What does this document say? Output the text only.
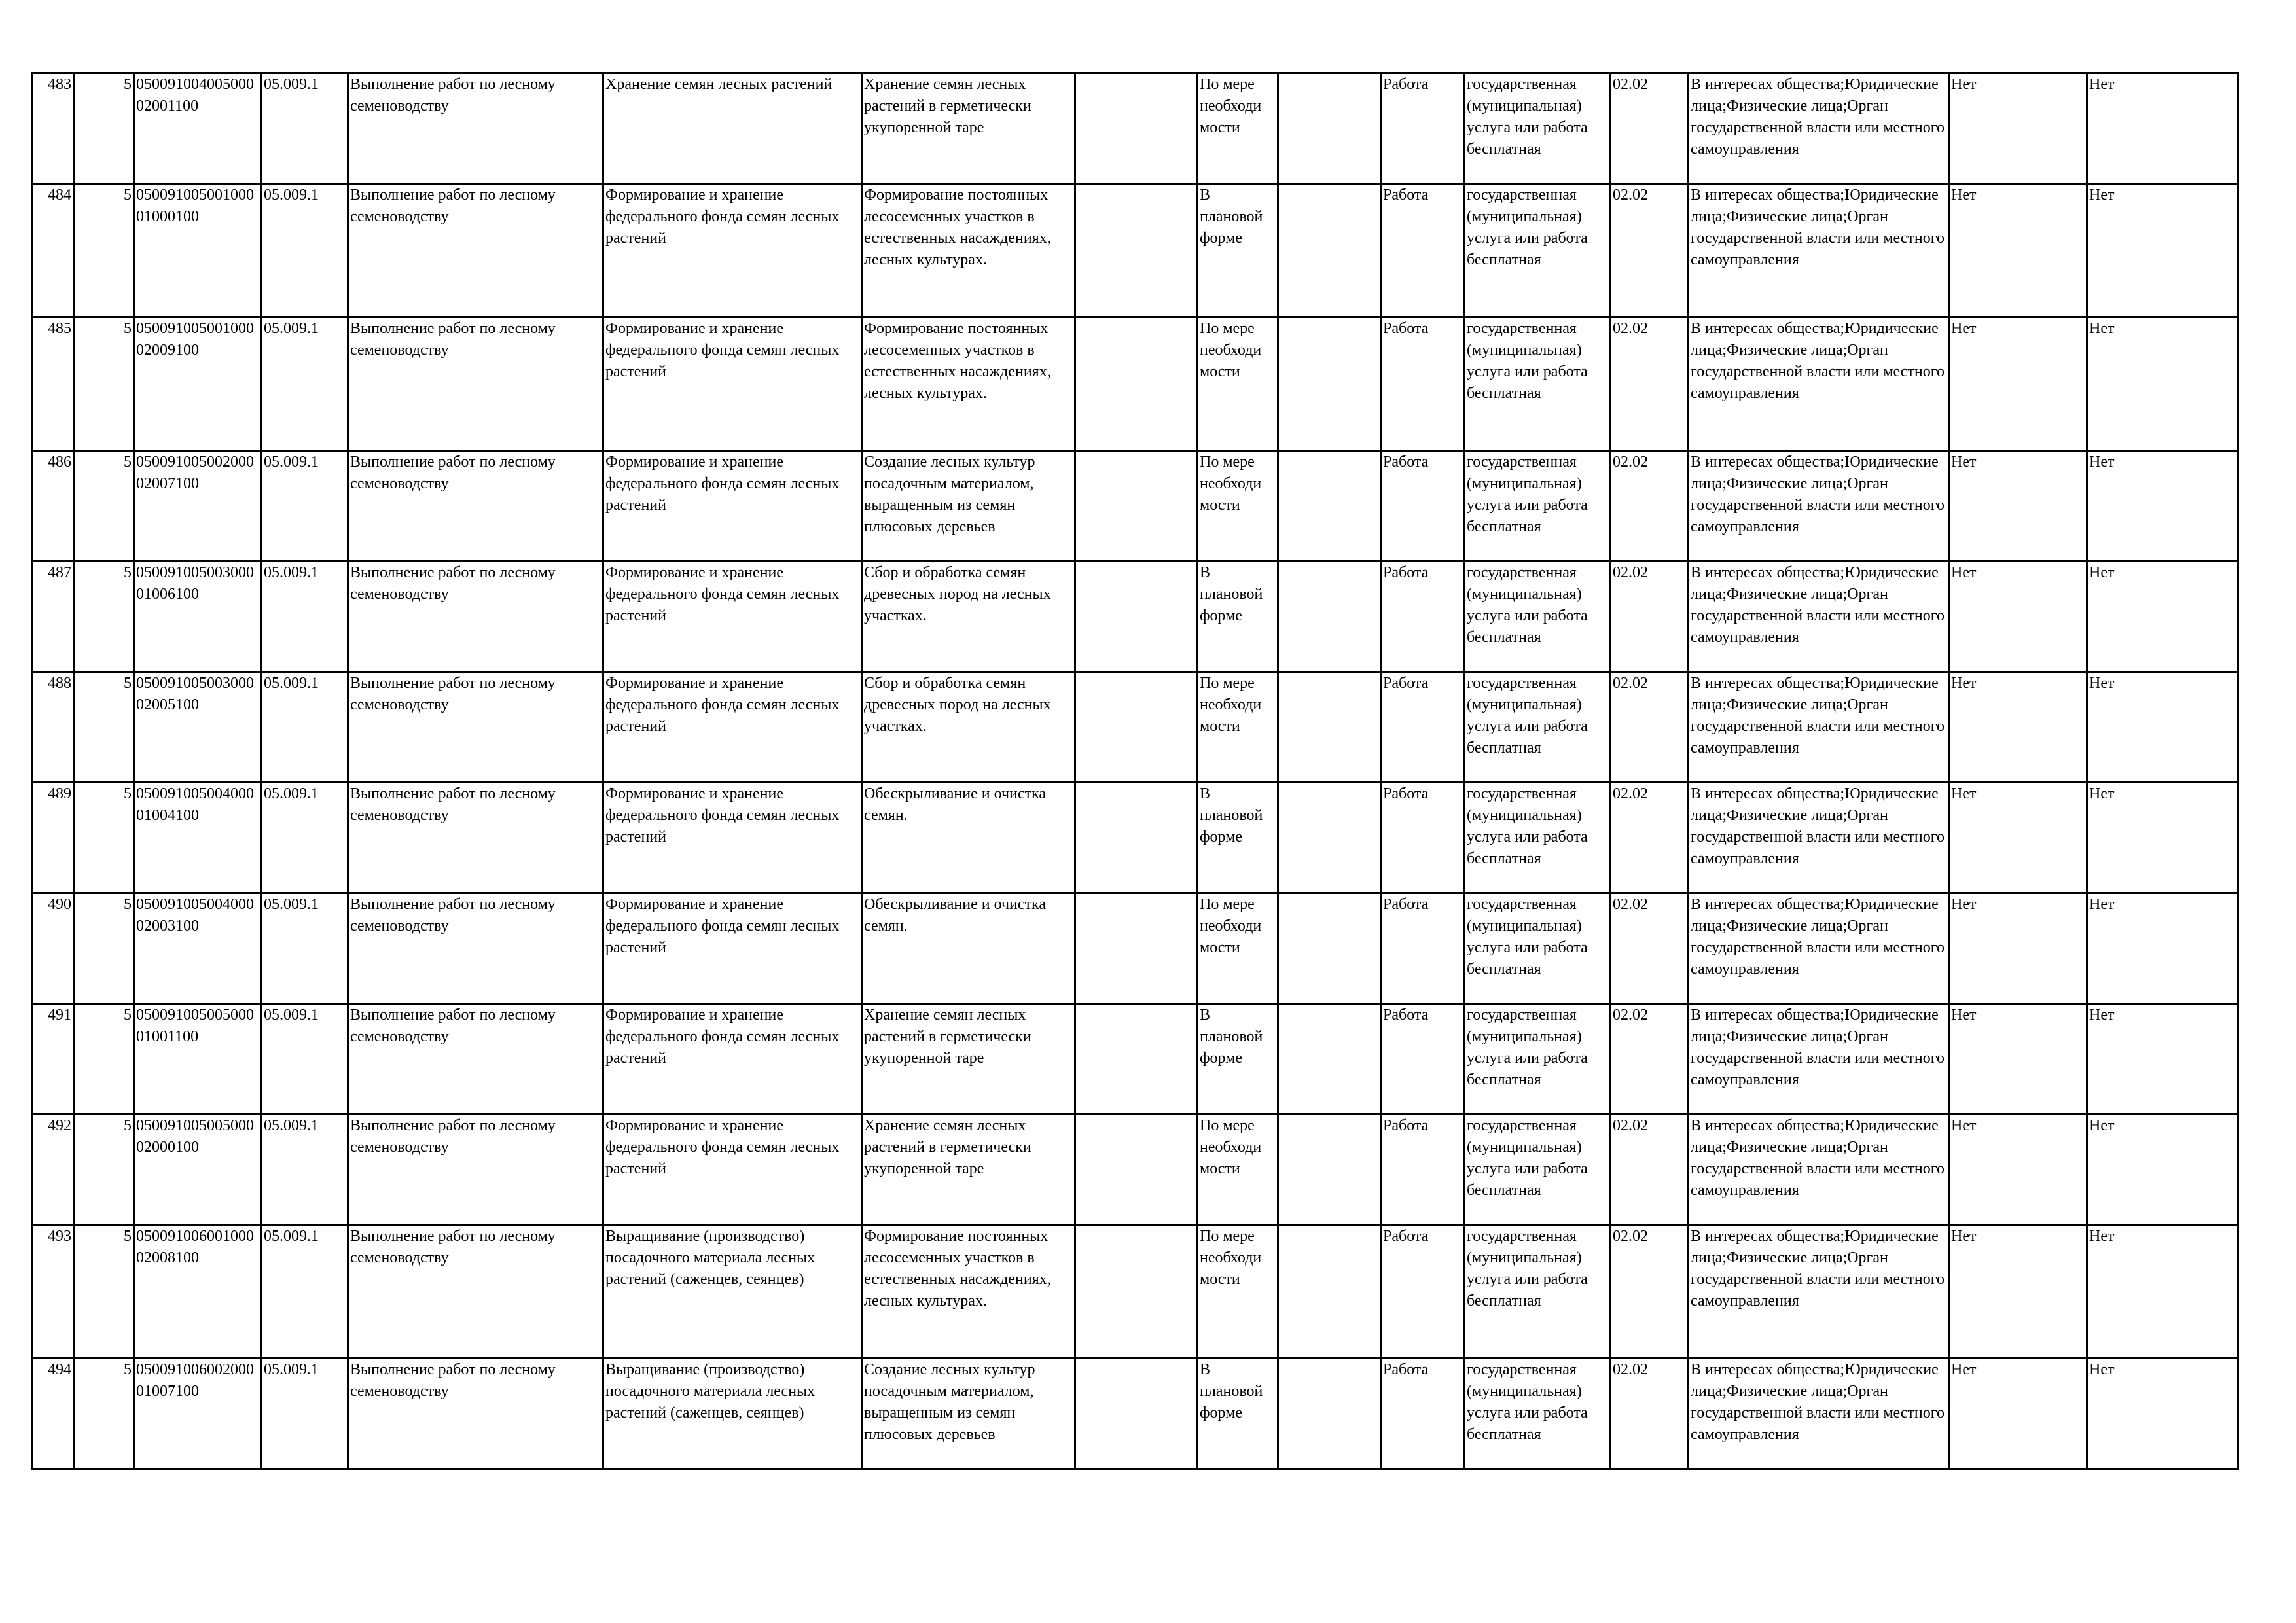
483	5	05009100400500002001100	05.009.1	Выполнение работ по лесному семеноводству	Хранение семян лесных растений	Хранение семян лесных растений в герметически укупоренной таре		По мере необходи мости		Работа	государственная (муниципальная) услуга или работа бесплатная	02.02	В интересах общества;Юридические лица;Физические лица;Орган государственной власти или местного самоуправления	Нет	Нет
484	5	05009100500100001000100	05.009.1	Выполнение работ по лесному семеноводству	Формирование и хранение федерального фонда семян лесных растений	Формирование постоянных лесосеменных участков в естественных насаждениях, лесных культурах.		В плановой форме		Работа	государственная (муниципальная) услуга или работа бесплатная	02.02	В интересах общества;Юридические лица;Физические лица;Орган государственной власти или местного самоуправления	Нет	Нет
485	5	05009100500100002009100	05.009.1	Выполнение работ по лесному семеноводству	Формирование и хранение федерального фонда семян лесных растений	Формирование постоянных лесосеменных участков в естественных насаждениях, лесных культурах.		По мере необходи мости		Работа	государственная (муниципальная) услуга или работа бесплатная	02.02	В интересах общества;Юридические лица;Физические лица;Орган государственной власти или местного самоуправления	Нет	Нет
486	5	05009100500200002007100	05.009.1	Выполнение работ по лесному семеноводству	Формирование и хранение федерального фонда семян лесных растений	Создание лесных культур посадочным материалом, выращенным из семян плюсовых деревьев		По мере необходи мости		Работа	государственная (муниципальная) услуга или работа бесплатная	02.02	В интересах общества;Юридические лица;Физические лица;Орган государственной власти или местного самоуправления	Нет	Нет
487	5	05009100500300001006100	05.009.1	Выполнение работ по лесному семеноводству	Формирование и хранение федерального фонда семян лесных растений	Сбор и обработка семян древесных пород на лесных участках.		В плановой форме		Работа	государственная (муниципальная) услуга или работа бесплатная	02.02	В интересах общества;Юридические лица;Физические лица;Орган государственной власти или местного самоуправления	Нет	Нет
488	5	05009100500300002005100	05.009.1	Выполнение работ по лесному семеноводству	Формирование и хранение федерального фонда семян лесных растений	Сбор и обработка семян древесных пород на лесных участках.		По мере необходи мости		Работа	государственная (муниципальная) услуга или работа бесплатная	02.02	В интересах общества;Юридические лица;Физические лица;Орган государственной власти или местного самоуправления	Нет	Нет
489	5	05009100500400001004100	05.009.1	Выполнение работ по лесному семеноводству	Формирование и хранение федерального фонда семян лесных растений	Обескрыливание и очистка семян.		В плановой форме		Работа	государственная (муниципальная) услуга или работа бесплатная	02.02	В интересах общества;Юридические лица;Физические лица;Орган государственной власти или местного самоуправления	Нет	Нет
490	5	05009100500400002003100	05.009.1	Выполнение работ по лесному семеноводству	Формирование и хранение федерального фонда семян лесных растений	Обескрыливание и очистка семян.		По мере необходи мости		Работа	государственная (муниципальная) услуга или работа бесплатная	02.02	В интересах общества;Юридические лица;Физические лица;Орган государственной власти или местного самоуправления	Нет	Нет
491	5	05009100500500001001100	05.009.1	Выполнение работ по лесному семеноводству	Формирование и хранение федерального фонда семян лесных растений	Хранение семян лесных растений в герметически укупоренной таре		В плановой форме		Работа	государственная (муниципальная) услуга или работа бесплатная	02.02	В интересах общества;Юридические лица;Физические лица;Орган государственной власти или местного самоуправления	Нет	Нет
492	5	05009100500500002000100	05.009.1	Выполнение работ по лесному семеноводству	Формирование и хранение федерального фонда семян лесных растений	Хранение семян лесных растений в герметически укупоренной таре		По мере необходи мости		Работа	государственная (муниципальная) услуга или работа бесплатная	02.02	В интересах общества;Юридические лица;Физические лица;Орган государственной власти или местного самоуправления	Нет	Нет
493	5	05009100600100002008100	05.009.1	Выполнение работ по лесному семеноводству	Выращивание (производство) посадочного материала лесных растений (саженцев, сеянцев)	Формирование постоянных лесосеменных участков в естественных насаждениях, лесных культурах.		По мере необходи мости		Работа	государственная (муниципальная) услуга или работа бесплатная	02.02	В интересах общества;Юридические лица;Физические лица;Орган государственной власти или местного самоуправления	Нет	Нет
494	5	05009100600200001007100	05.009.1	Выполнение работ по лесному семеноводству	Выращивание (производство) посадочного материала лесных растений (саженцев, сеянцев)	Создание лесных культур посадочным материалом, выращенным из семян плюсовых деревьев		В плановой форме		Работа	государственная (муниципальная) услуга или работа бесплатная	02.02	В интересах общества;Юридические лица;Физические лица;Орган государственной власти или местного самоуправления	Нет	Нет
